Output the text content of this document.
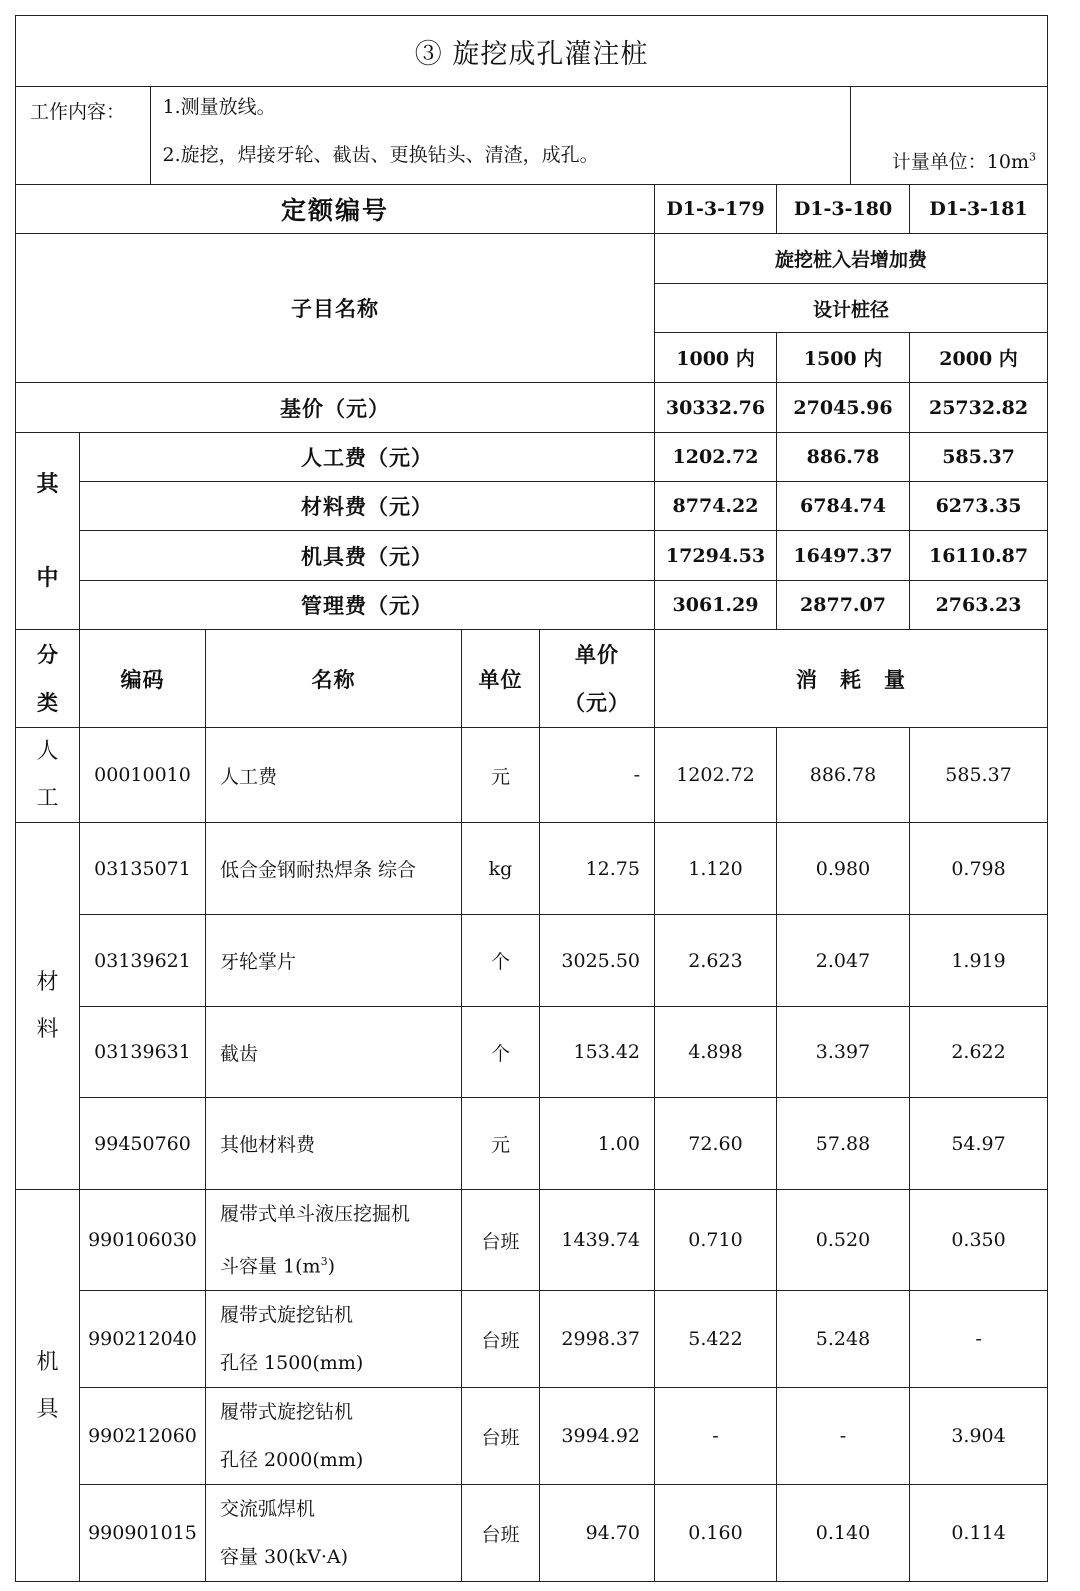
③ 旋挖成孔灌注桩

工作内容：	1.测量放线。
2.旋挖，焊接牙轮、截齿、更换钻头、清渣，成孔。	计量单位：$10m^3$

定额编号	D1-3-179	D1-3-180	D1-3-181
子目名称	旋挖桩入岩增加费
设计桩径
1000 内	1500 内	2000 内
基价（元）	30332.76	27045.96	25732.82
其

中	人工费（元）	1202.72	886.78	585.37
材料费（元）	8774.22	6784.74	6273.35
机具费（元）	17294.53	16497.37	16110.87
管理费（元）	3061.29	2877.07	2763.23
分
类	编码	名称	单位	单价
（元）	消　耗　量
人
工	00010010	人工费	元	-	1202.72	886.78	585.37
材
料	03135071	低合金钢耐热焊条 综合	kg	12.75	1.120	0.980	0.798
03139621	牙轮掌片	个	3025.50	2.623	2.047	1.919
03139631	截齿	个	153.42	4.898	3.397	2.622
99450760	其他材料费	元	1.00	72.60	57.88	54.97
机
具	990106030	履带式单斗液压挖掘机
斗容量 $1(m^3)$	台班	1439.74	0.710	0.520	0.350
990212040	履带式旋挖钻机
孔径 1500(mm)	台班	2998.37	5.422	5.248	-
990212060	履带式旋挖钻机
孔径 2000(mm)	台班	3994.92	-	-	3.904
990901015	交流弧焊机
容量 30(kV·A)	台班	94.70	0.160	0.140	0.114
